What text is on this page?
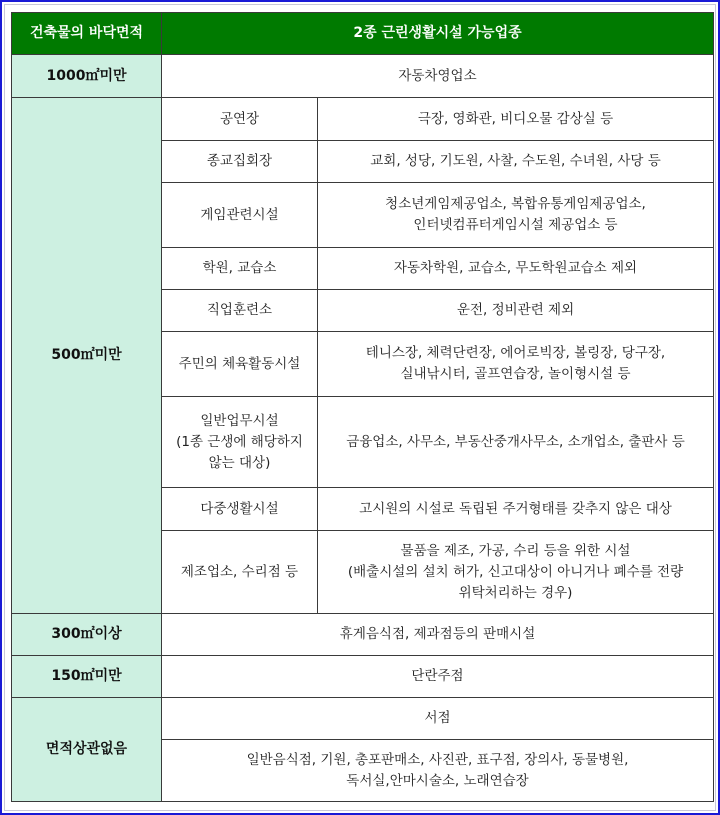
건축물의 바닥면적	2종 근린생활시설 가능업종	
1000㎡미만	자동차영업소	
500㎡미만	공연장	극장, 영화관, 비디오물 감상실 등
	종교집회장	교회, 성당, 기도원, 사찰, 수도원, 수녀원, 사당 등
	게임관련시설	청소년게임제공업소, 복합유통게임제공업소,
인터넷컴퓨터게임시설 제공업소 등

	학원, 교습소	자동차학원, 교습소, 무도학원교습소 제외
	직업훈련소	운전, 정비관련 제외
	주민의 체육활동시설	테니스장, 체력단련장, 에어로빅장, 볼링장, 당구장,
실내낚시터, 골프연습장, 놀이형시설 등

	일반업무시설
(1종 근생에 해당하지
않는 대상)	금융업소, 사무소, 부동산중개사무소, 소개업소, 출판사 등
	다중생활시설	고시원의 시설로 독립된 주거형태를 갖추지 않은 대상
	제조업소, 수리점 등	물품을 제조, 가공, 수리 등을 위한 시설
(배출시설의 설치 허가, 신고대상이 아니거나 폐수를 전량
위탁처리하는 경우)

300㎡이상	휴게음식점, 제과점등의 판매시설	
150㎡미만	단란주점	
면적상관없음	서점	

	일반음식점, 기원, 총포판매소, 사진관, 표구점, 장의사, 동물병원,
독서실,안마시술소, 노래연습장	
